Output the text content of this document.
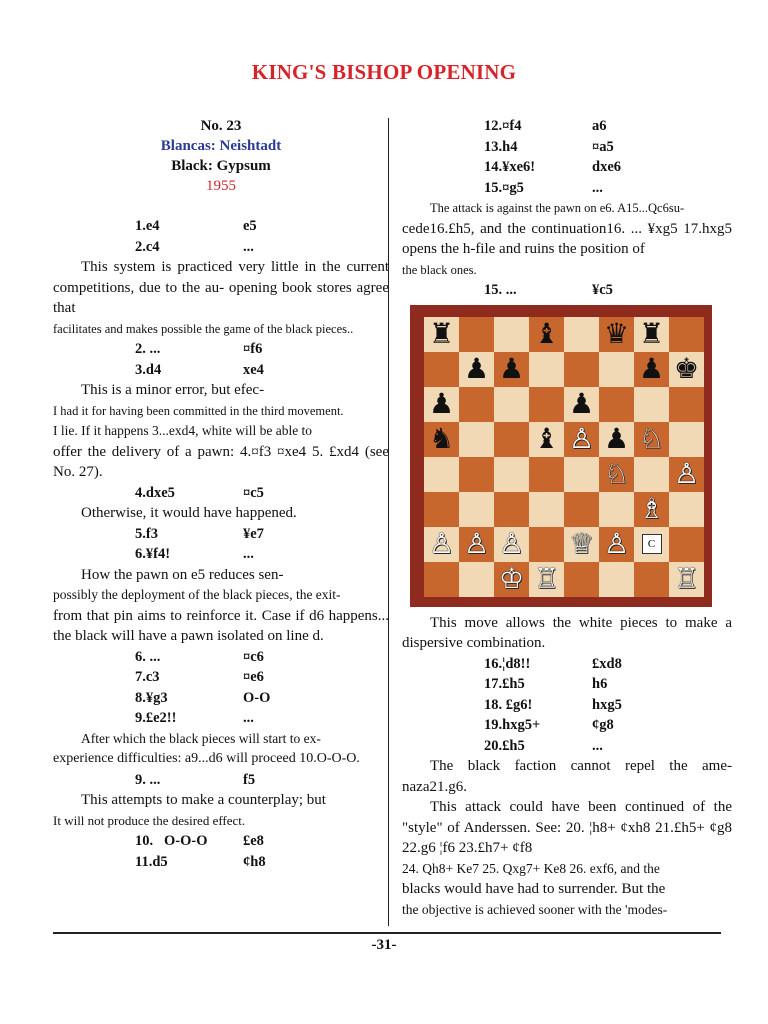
KING'S BISHOP OPENING
No. 23
Blancas: Neishtadt
Black: Gypsum
1955
1.e4	e5
2.c4	...

This system is practiced very little in the current competitions, due to the au- opening book stores agree that

facilitates and makes possible the game of the black pieces..

2. ...	¤f6
3.d4	xe4

This is a minor error, but efec-

I had it for having been committed in the third movement.

I lie. If it happens 3...exd4, white will be able to

offer the delivery of a pawn: 4.¤f3 ¤xe4 5. £xd4 (see No. 27).

4.dxe5	¤c5

Otherwise, it would have happened.

5.f3	¥e7
6.¥f4!	...

How the pawn on e5 reduces sen-

possibly the deployment of the black pieces, the exit-

from that pin aims to reinforce it. Case if d6 happens... the black will have a pawn isolated on line d.

6. ...	¤c6
7.c3	¤e6
8.¥g3	O-O
9.£e2!!	...

After which the black pieces will start to ex-

experience difficulties: a9...d6 will proceed 10.O-O-O.

9. ...	f5

This attempts to make a counterplay; but

It will not produce the desired effect.

10.   O-O-O	£e8
11.d5	¢h8
12.¤f4	a6
13.h4	¤a5
14.¥xe6!	dxe6
15.¤g5	...

The attack is against the pawn on e6. A15...Qc6su-

cede16.£h5, and the continuation16. ... ¥xg5 17.hxg5 opens the h-file and ruins the position of

the black ones.

15. ...	¥c5
♜	♝ ♛ ♜
♟ ♟	♟ ♚
♟	♟
♞	♝ ♙ ♟ ♘
♘ ♙
♗
♙ ♙ ♙ ♕ ♙	C
♔ ♖	♖

This move allows the white pieces to make a dispersive combination.

16.¦d8!!	£xd8
17.£h5	h6
18. £g6!	hxg5
19.hxg5+	¢g8
20.£h5	...

The black faction cannot repel the ame- naza21.g6.

This attack could have been continued of the "style" of Anderssen. See: 20. ¦h8+ ¢xh8 21.£h5+ ¢g8 22.g6 ¦f6 23.£h7+ ¢f8

24. Qh8+ Ke7 25. Qxg7+ Ke8 26. exf6, and the

blacks would have had to surrender. But the

the objective is achieved sooner with the 'modes-

-31-
